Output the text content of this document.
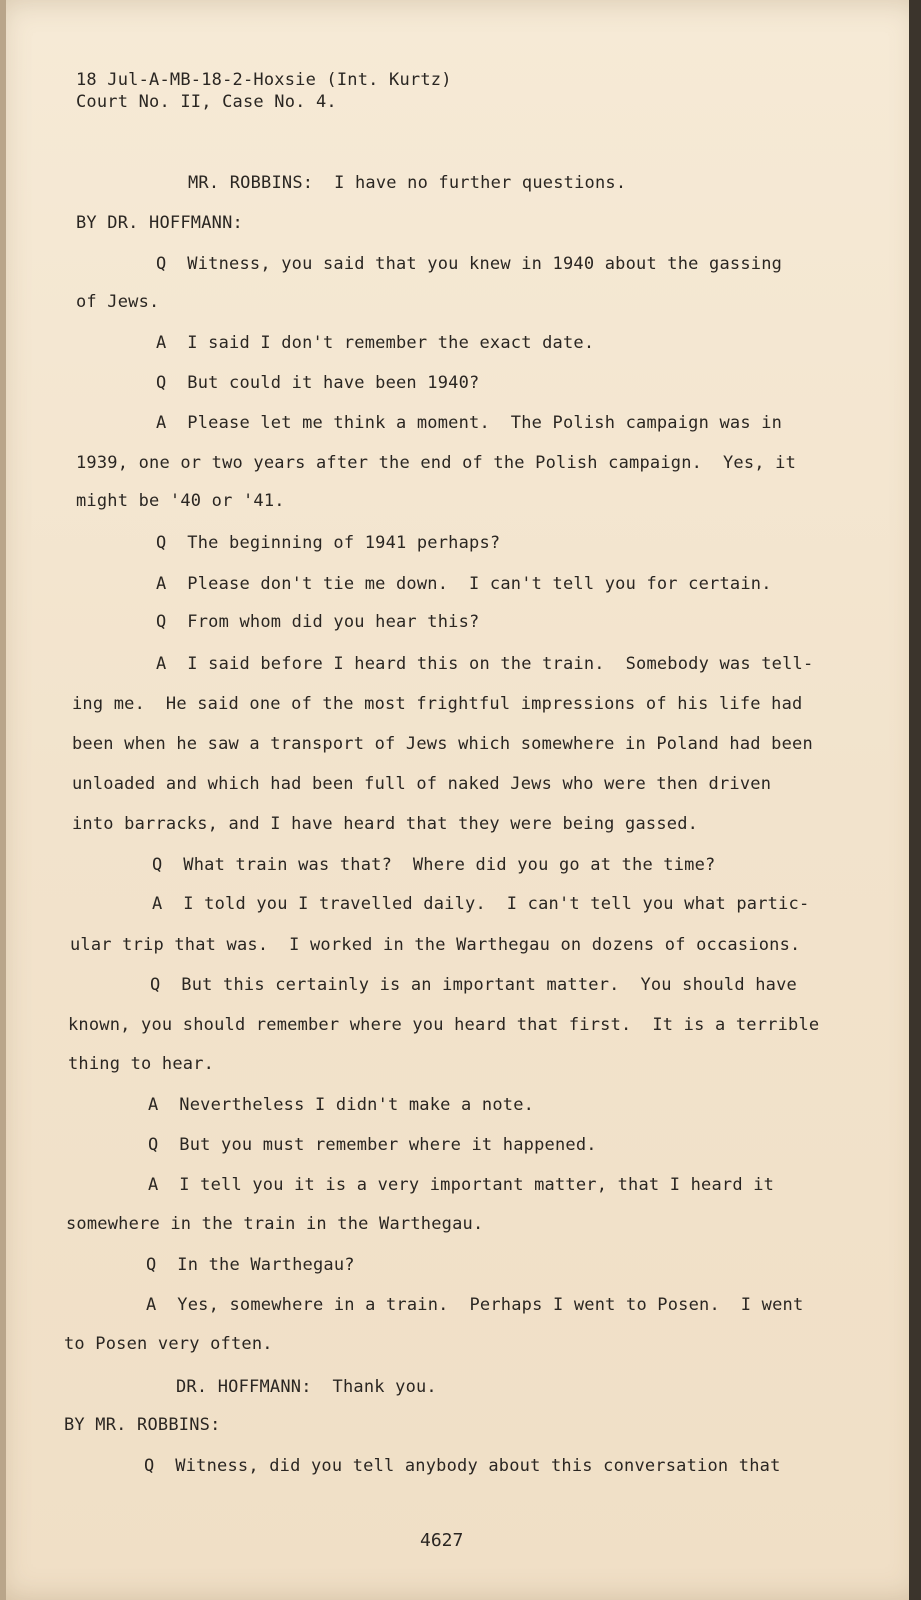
18 Jul-A-MB-18-2-Hoxsie (Int. Kurtz)
Court No. II, Case No. 4.
MR. ROBBINS:  I have no further questions.
BY DR. HOFFMANN:
Q  Witness, you said that you knew in 1940 about the gassing
of Jews.
A  I said I don't remember the exact date.
Q  But could it have been 1940?
A  Please let me think a moment.  The Polish campaign was in
1939, one or two years after the end of the Polish campaign.  Yes, it
might be '40 or '41.
Q  The beginning of 1941 perhaps?
A  Please don't tie me down.  I can't tell you for certain.
Q  From whom did you hear this?
A  I said before I heard this on the train.  Somebody was tell-
ing me.  He said one of the most frightful impressions of his life had
been when he saw a transport of Jews which somewhere in Poland had been
unloaded and which had been full of naked Jews who were then driven
into barracks, and I have heard that they were being gassed.
Q  What train was that?  Where did you go at the time?
A  I told you I travelled daily.  I can't tell you what partic-
ular trip that was.  I worked in the Warthegau on dozens of occasions.
Q  But this certainly is an important matter.  You should have
known, you should remember where you heard that first.  It is a terrible
thing to hear.
A  Nevertheless I didn't make a note.
Q  But you must remember where it happened.
A  I tell you it is a very important matter, that I heard it
somewhere in the train in the Warthegau.
Q  In the Warthegau?
A  Yes, somewhere in a train.  Perhaps I went to Posen.  I went
to Posen very often.
DR. HOFFMANN:  Thank you.
BY MR. ROBBINS:
Q  Witness, did you tell anybody about this conversation that
4627
